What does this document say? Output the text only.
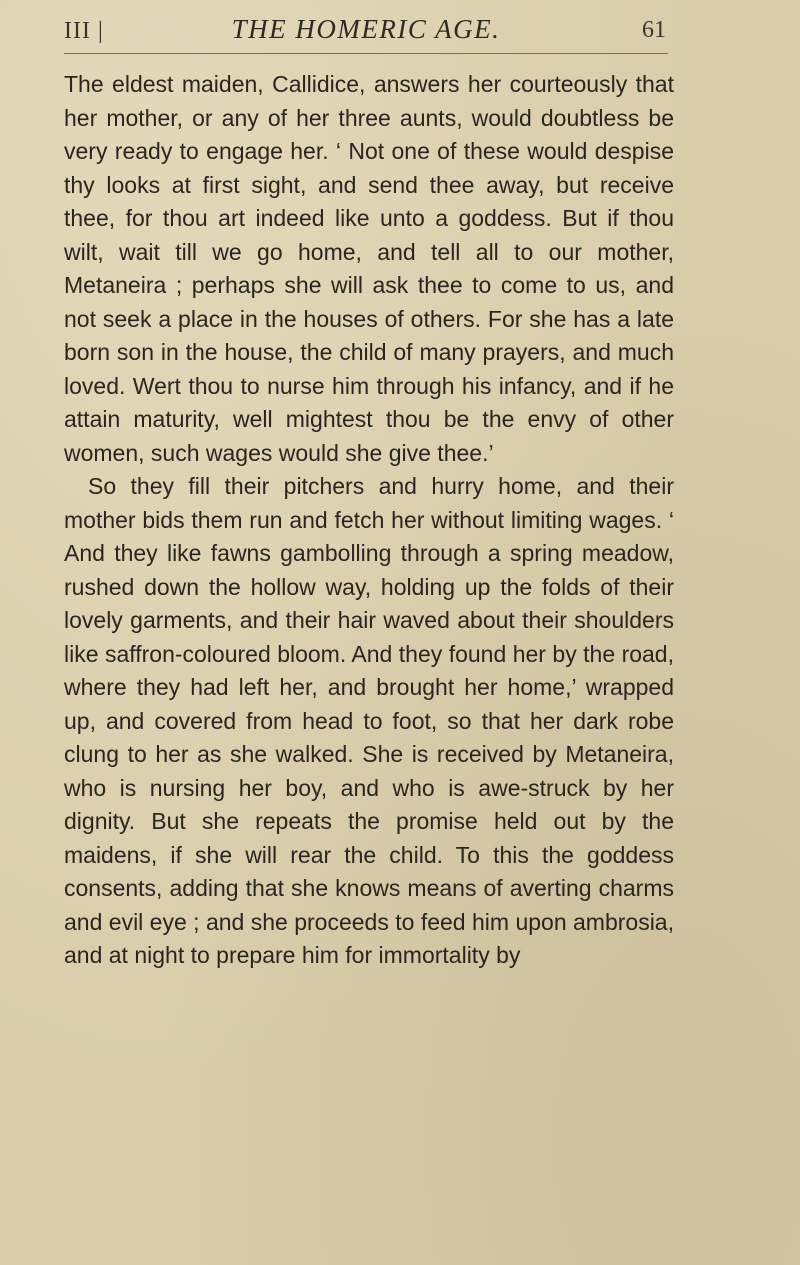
III |	THE HOMERIC AGE.	61

The eldest maiden, Callidice, answers her courteously that her mother, or any of her three aunts, would doubtless be very ready to engage her. ‘ Not one of these would despise thy looks at first sight, and send thee away, but receive thee, for thou art indeed like unto a goddess. But if thou wilt, wait till we go home, and tell all to our mother, Metaneira ; perhaps she will ask thee to come to us, and not seek a place in the houses of others. For she has a late born son in the house, the child of many prayers, and much loved. Wert thou to nurse him through his infancy, and if he attain maturity, well mightest thou be the envy of other women, such wages would she give thee.’

So they fill their pitchers and hurry home, and their mother bids them run and fetch her without limiting wages. ‘ And they like fawns gambolling through a spring meadow, rushed down the hollow way, holding up the folds of their lovely garments, and their hair waved about their shoulders like saffron-coloured bloom. And they found her by the road, where they had left her, and brought her home,’ wrapped up, and covered from head to foot, so that her dark robe clung to her as she walked. She is received by Metaneira, who is nursing her boy, and who is awe-struck by her dignity. But she repeats the promise held out by the maidens, if she will rear the child. To this the goddess consents, adding that she knows means of averting charms and evil eye ; and she proceeds to feed him upon ambrosia, and at night to prepare him for immortality by
